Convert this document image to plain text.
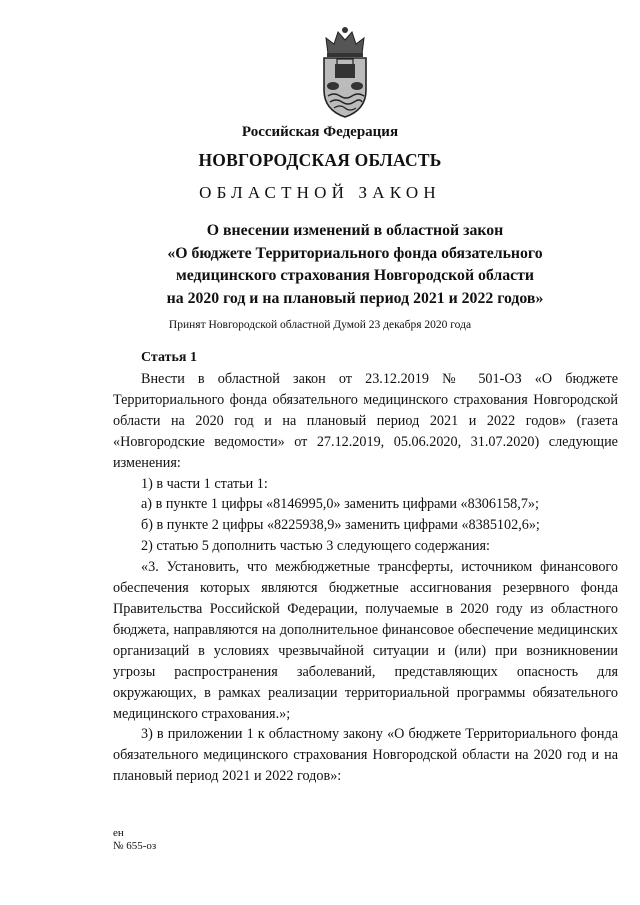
Российская Федерация
НОВГОРОДСКАЯ ОБЛАСТЬ
ОБЛАСТНОЙ ЗАКОН
О внесении изменений в областной закон
«О бюджете Территориального фонда обязательного
медицинского страхования Новгородской области
на 2020 год и на плановый период 2021 и 2022 годов»
Принят Новгородской областной Думой 23 декабря 2020 года
Статья 1

Внести в областной закон от 23.12.2019 № 501-ОЗ «О бюджете Территориального фонда обязательного медицинского страхования Новгородской области на 2020 год и на плановый период 2021 и 2022 годов» (газета «Новгородские ведомости» от 27.12.2019, 05.06.2020, 31.07.2020) следующие изменения:

1) в части 1 статьи 1:

а) в пункте 1 цифры «8146995,0» заменить цифрами «8306158,7»;

б) в пункте 2 цифры «8225938,9» заменить цифрами «8385102,6»;

2) статью 5 дополнить частью 3 следующего содержания:

«3. Установить, что межбюджетные трансферты, источником финансового обеспечения которых являются бюджетные ассигнования резервного фонда Правительства Российской Федерации, получаемые в 2020 году из областного бюджета, направляются на дополнительное финансовое обеспечение медицинских организаций в условиях чрезвычайной ситуации и (или) при возникновении угрозы распространения заболеваний, представляющих опасность для окружающих, в рамках реализации территориальной программы обязательного медицинского страхования.»;

3) в приложении 1 к областному закону «О бюджете Территориального фонда обязательного медицинского страхования Новгородской области на 2020 год и на плановый период 2021 и 2022 годов»:

ен
№ 655-оз
